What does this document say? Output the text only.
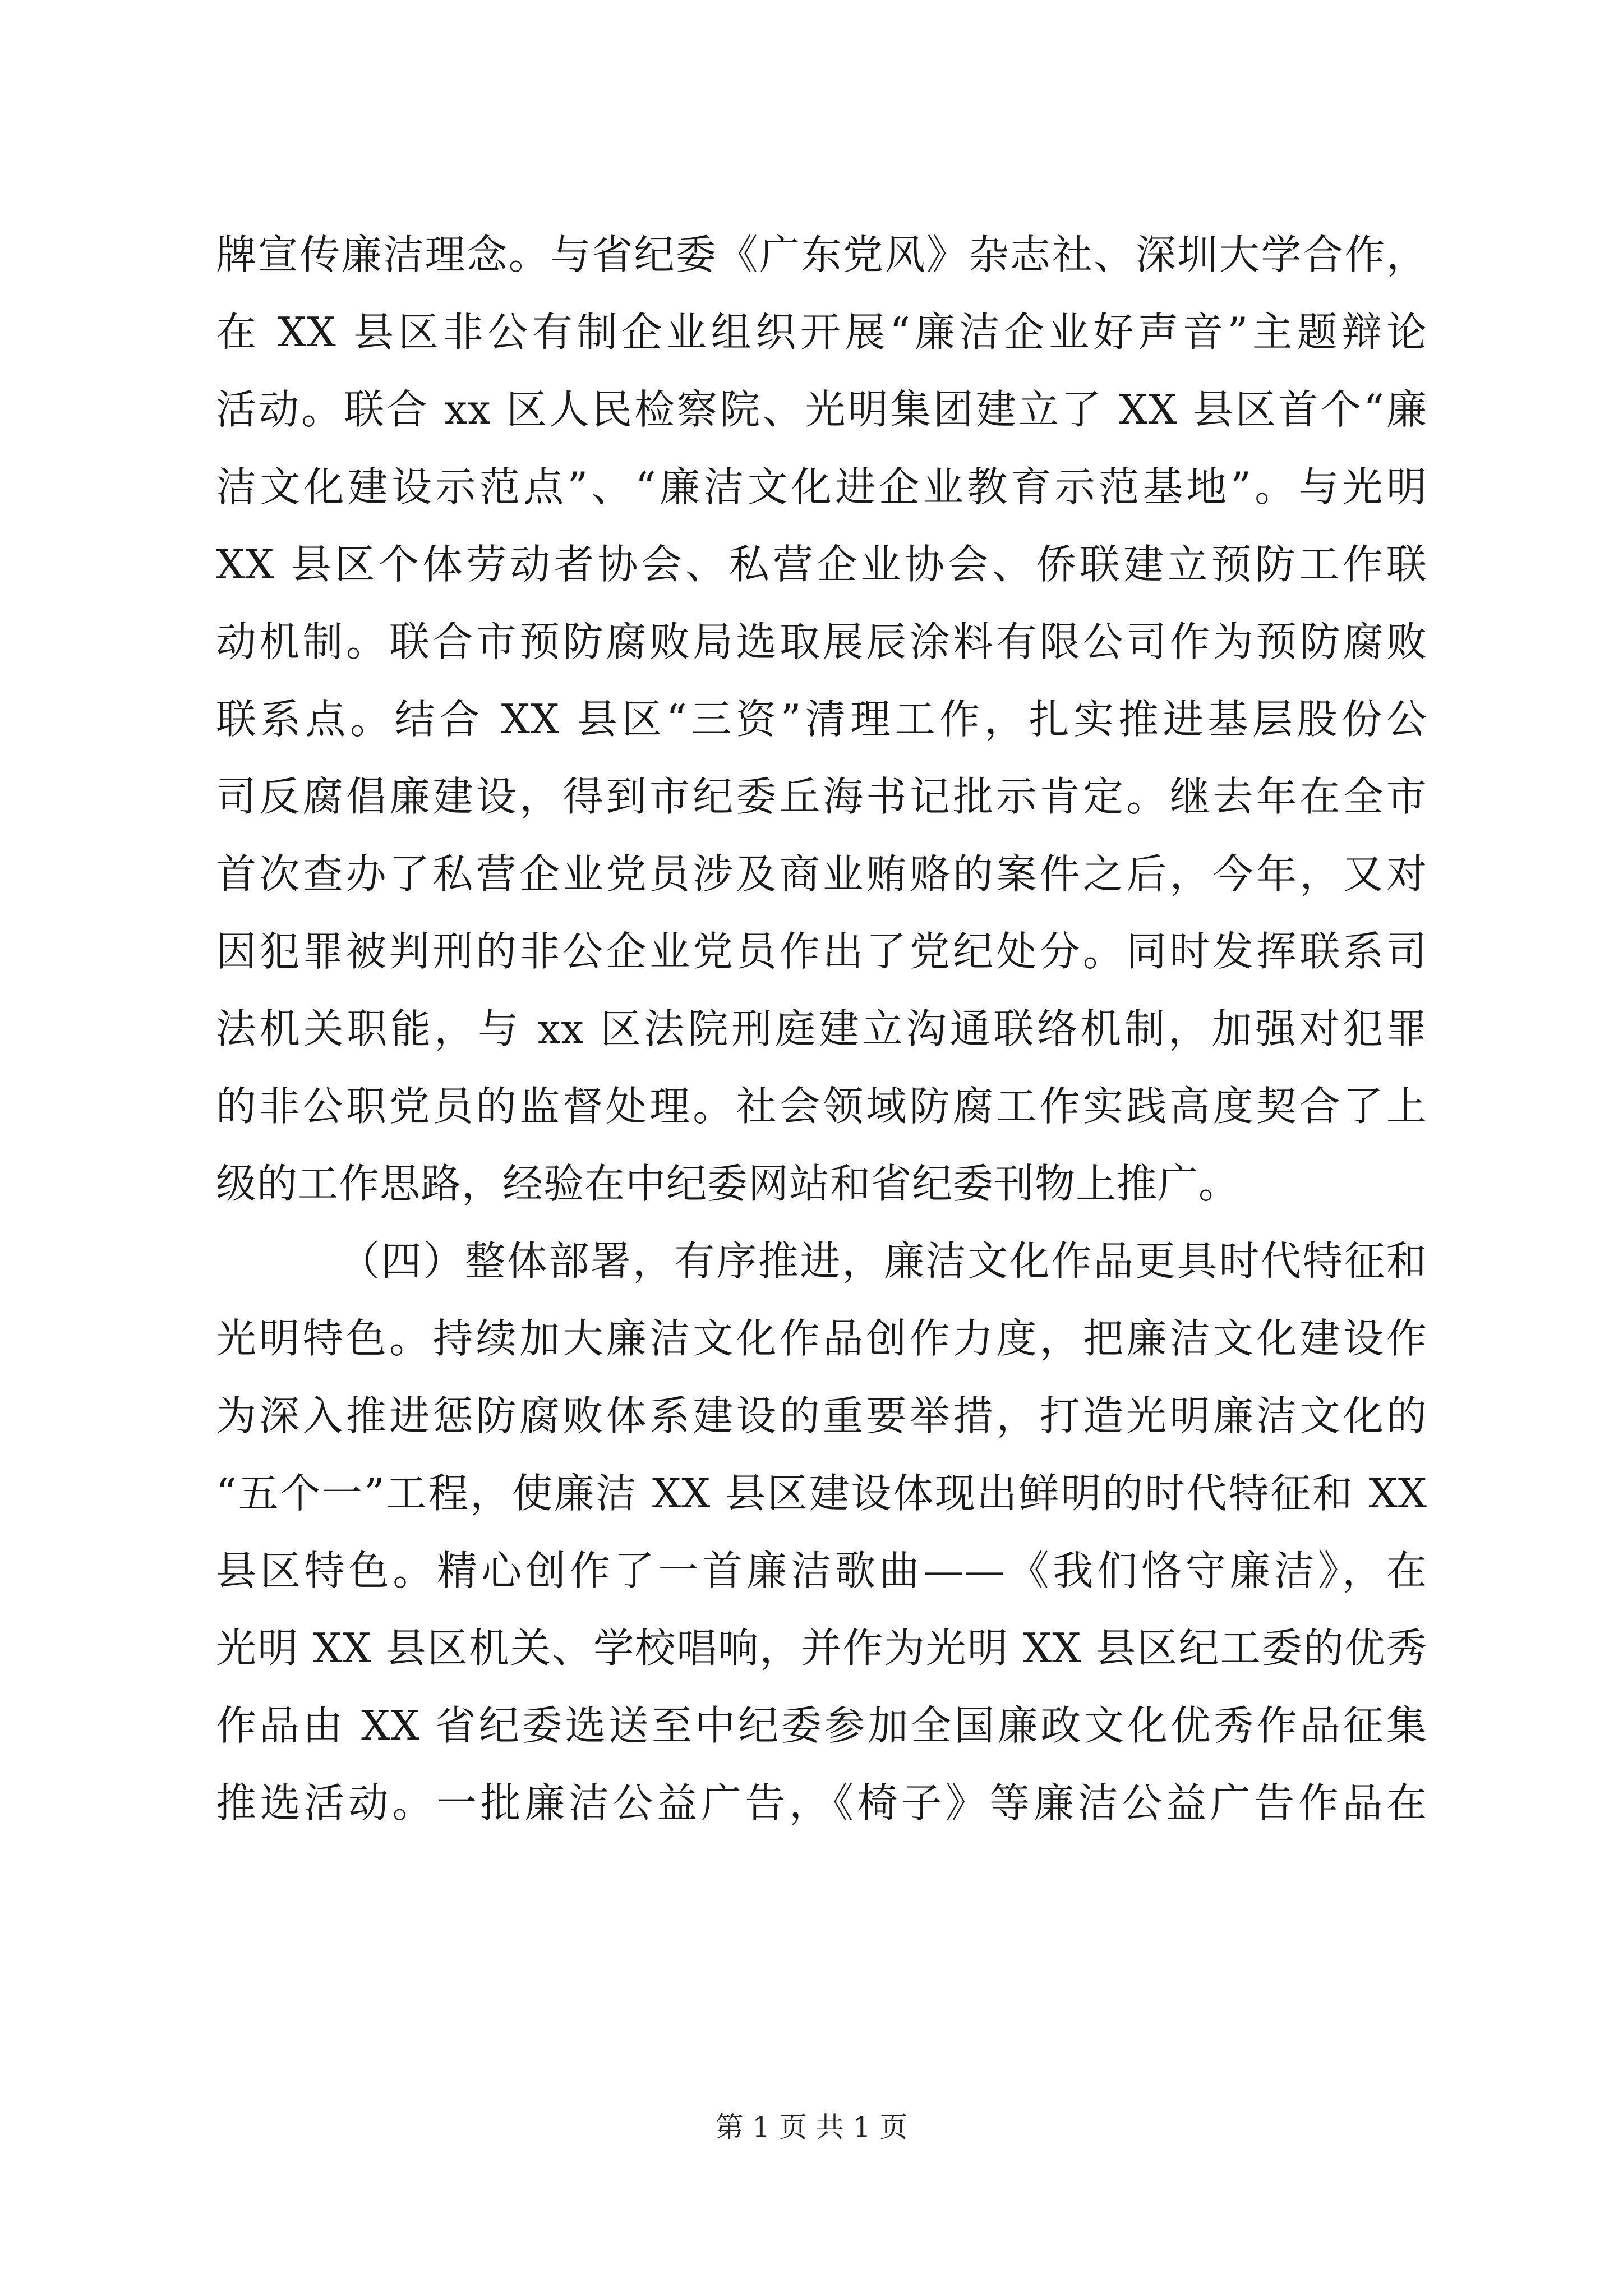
牌宣传廉洁理念。与省纪委《广东党风》杂志社、深圳大学合作，
在 XX 县区非公有制企业组织开展“廉洁企业好声音”主题辩论
活动。联合 xx 区人民检察院、光明集团建立了 XX 县区首个“廉
洁文化建设示范点”、“廉洁文化进企业教育示范基地”。与光明
XX 县区个体劳动者协会、私营企业协会、侨联建立预防工作联
动机制。联合市预防腐败局选取展辰涂料有限公司作为预防腐败
联系点。结合 XX 县区“三资”清理工作，扎实推进基层股份公
司反腐倡廉建设，得到市纪委丘海书记批示肯定。继去年在全市
首次查办了私营企业党员涉及商业贿赂的案件之后，今年，又对
因犯罪被判刑的非公企业党员作出了党纪处分。同时发挥联系司
法机关职能，与 xx 区法院刑庭建立沟通联络机制，加强对犯罪
的非公职党员的监督处理。社会领域防腐工作实践高度契合了上
级的工作思路，经验在中纪委网站和省纪委刊物上推广。
（四）整体部署，有序推进，廉洁文化作品更具时代特征和
光明特色。持续加大廉洁文化作品创作力度，把廉洁文化建设作
为深入推进惩防腐败体系建设的重要举措，打造光明廉洁文化的
“五个一”工程，使廉洁 XX 县区建设体现出鲜明的时代特征和 XX
县区特色。精心创作了一首廉洁歌曲——《我们恪守廉洁》，在
光明 XX 县区机关、学校唱响，并作为光明 XX 县区纪工委的优秀
作品由 XX 省纪委选送至中纪委参加全国廉政文化优秀作品征集
推选活动。一批廉洁公益广告，《椅子》等廉洁公益广告作品在
第 1 页 共 1 页
